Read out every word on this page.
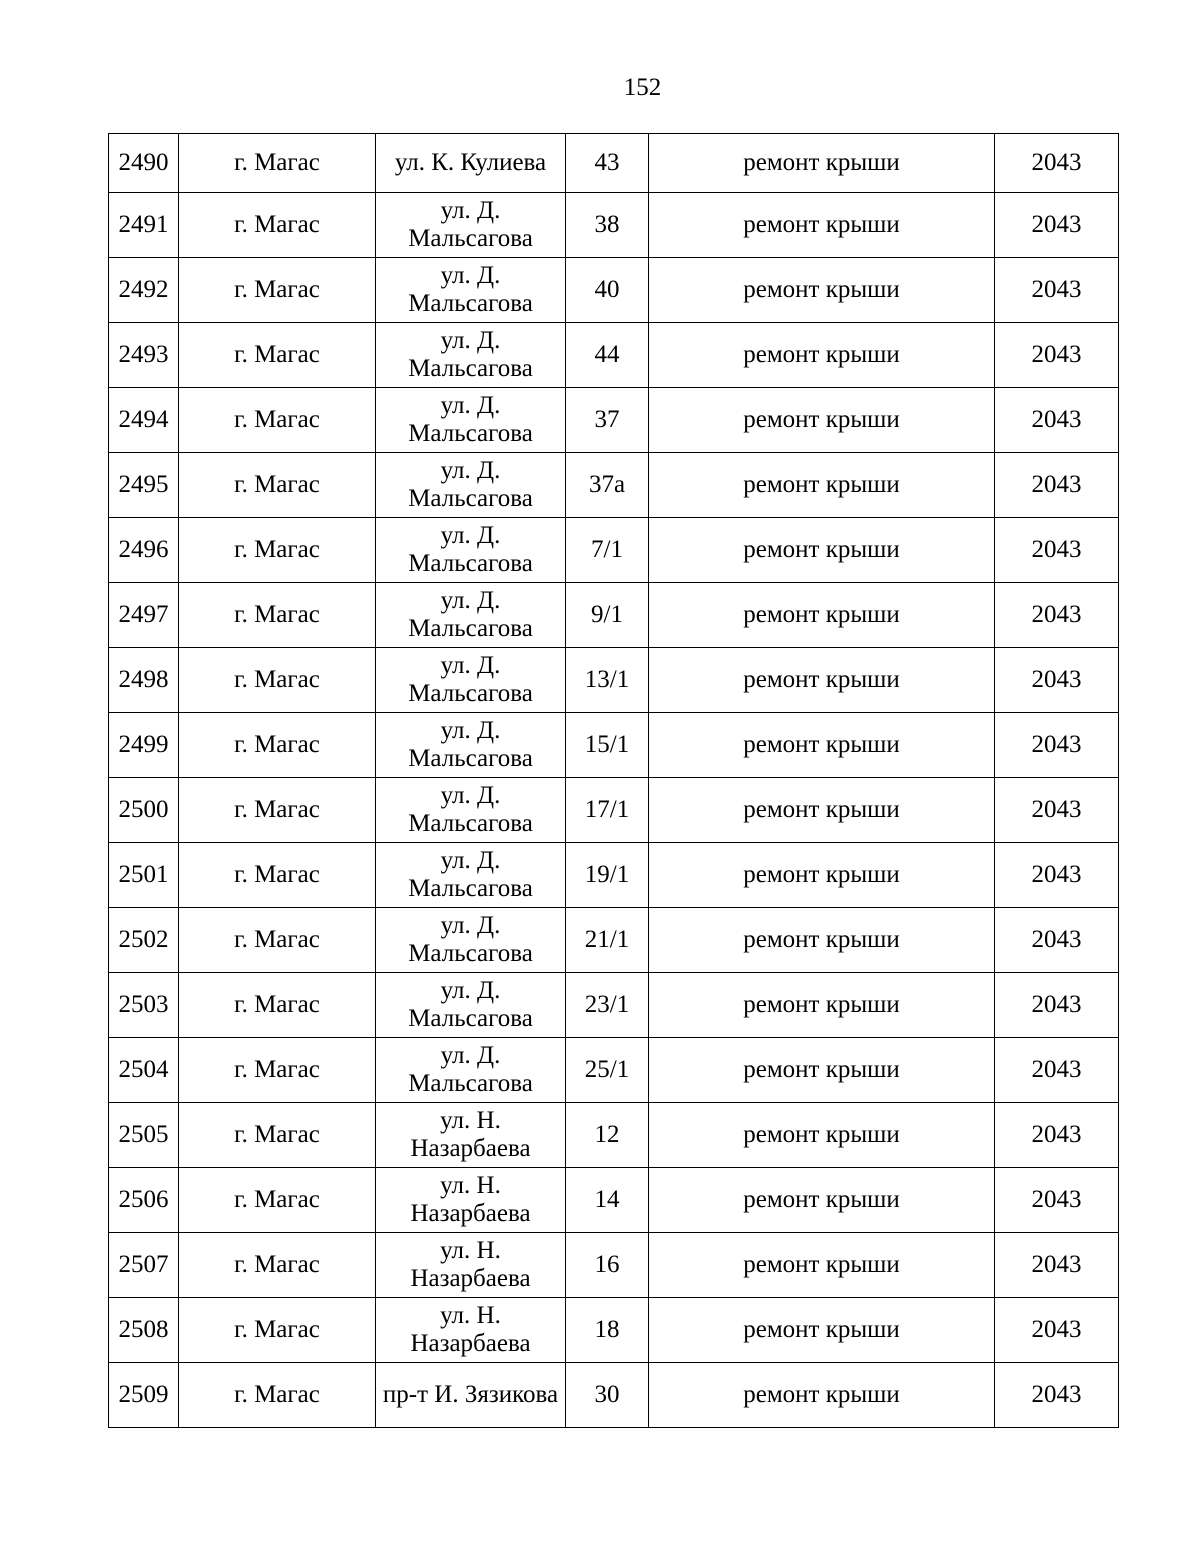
152
2490	г. Магас	ул. К. Кулиева	43	ремонт крыши	2043
2491	г. Магас	ул. Д. Мальсагова	38	ремонт крыши	2043
2492	г. Магас	ул. Д. Мальсагова	40	ремонт крыши	2043
2493	г. Магас	ул. Д. Мальсагова	44	ремонт крыши	2043
2494	г. Магас	ул. Д. Мальсагова	37	ремонт крыши	2043
2495	г. Магас	ул. Д. Мальсагова	37а	ремонт крыши	2043
2496	г. Магас	ул. Д. Мальсагова	7/1	ремонт крыши	2043
2497	г. Магас	ул. Д. Мальсагова	9/1	ремонт крыши	2043
2498	г. Магас	ул. Д. Мальсагова	13/1	ремонт крыши	2043
2499	г. Магас	ул. Д. Мальсагова	15/1	ремонт крыши	2043
2500	г. Магас	ул. Д. Мальсагова	17/1	ремонт крыши	2043
2501	г. Магас	ул. Д. Мальсагова	19/1	ремонт крыши	2043
2502	г. Магас	ул. Д. Мальсагова	21/1	ремонт крыши	2043
2503	г. Магас	ул. Д. Мальсагова	23/1	ремонт крыши	2043
2504	г. Магас	ул. Д. Мальсагова	25/1	ремонт крыши	2043
2505	г. Магас	ул. Н. Назарбаева	12	ремонт крыши	2043
2506	г. Магас	ул. Н. Назарбаева	14	ремонт крыши	2043
2507	г. Магас	ул. Н. Назарбаева	16	ремонт крыши	2043
2508	г. Магас	ул. Н. Назарбаева	18	ремонт крыши	2043
2509	г. Магас	пр-т И. Зязикова	30	ремонт крыши	2043
